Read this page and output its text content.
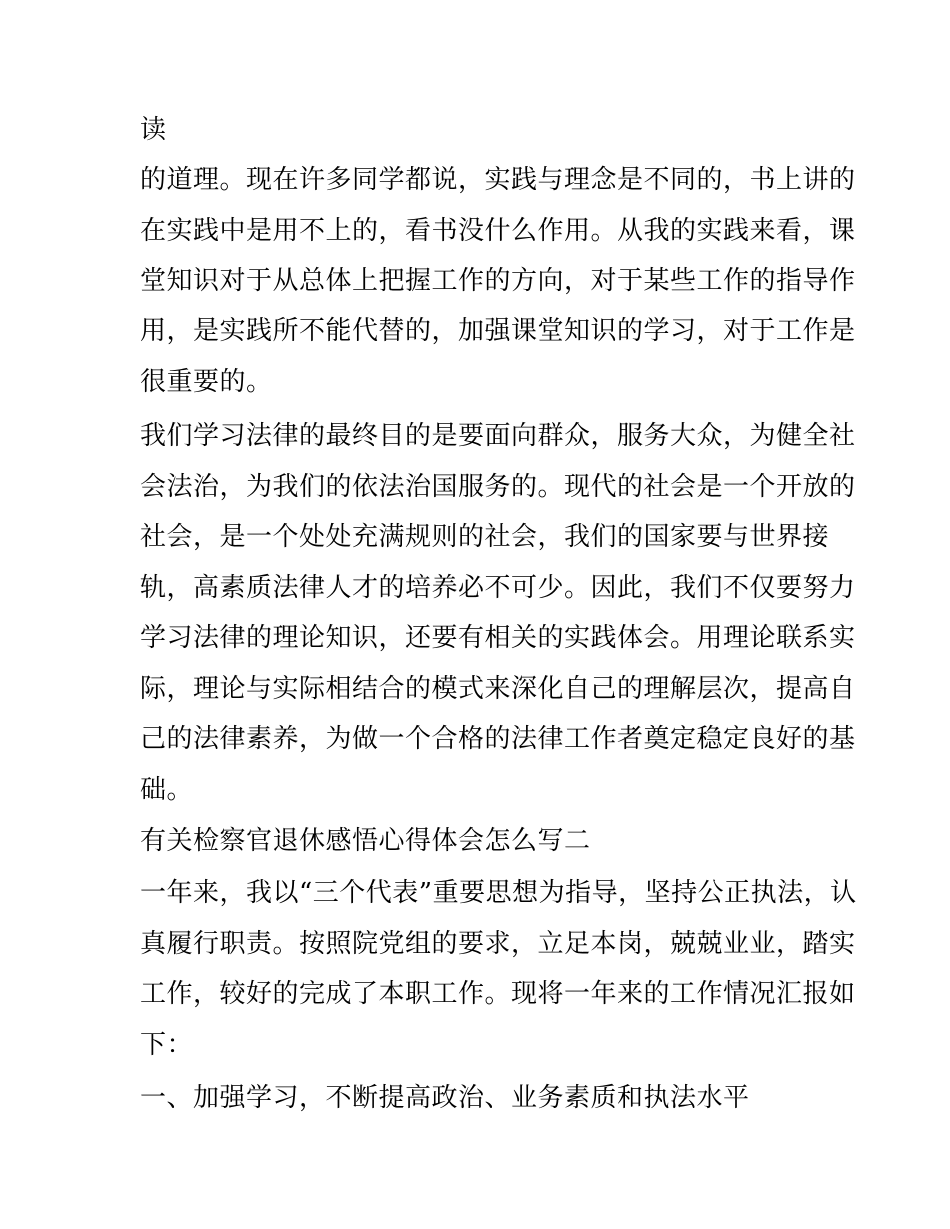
读

的道理。现在许多同学都说，实践与理念是不同的，书上讲的

在实践中是用不上的，看书没什么作用。从我的实践来看，课

堂知识对于从总体上把握工作的方向，对于某些工作的指导作

用，是实践所不能代替的，加强课堂知识的学习，对于工作是

很重要的。

我们学习法律的最终目的是要面向群众，服务大众，为健全社

会法治，为我们的依法治国服务的。现代的社会是一个开放的

社会，是一个处处充满规则的社会，我们的国家要与世界接

轨，高素质法律人才的培养必不可少。因此，我们不仅要努力

学习法律的理论知识，还要有相关的实践体会。用理论联系实

际，理论与实际相结合的模式来深化自己的理解层次，提高自

己的法律素养，为做一个合格的法律工作者奠定稳定良好的基

础。

有关检察官退休感悟心得体会怎么写二

一年来，我以“三个代表”重要思想为指导，坚持公正执法，认

真履行职责。按照院党组的要求，立足本岗，兢兢业业，踏实

工作，较好的完成了本职工作。现将一年来的工作情况汇报如

下：

一、加强学习，不断提高政治、业务素质和执法水平
